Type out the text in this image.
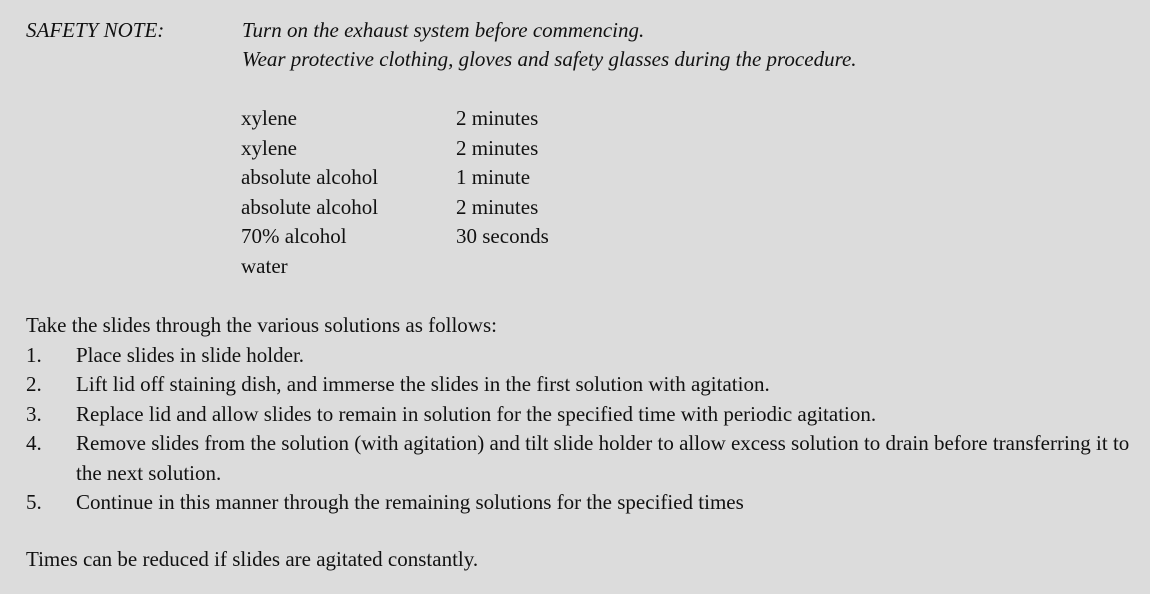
SAFETY NOTE:	Turn on the exhaust system before commencing.
Wear protective clothing, gloves and safety glasses during the procedure.
xylene	2 minutes
xylene	2 minutes
absolute alcohol	1 minute
absolute alcohol	2 minutes
70% alcohol	30 seconds
water
Take the slides through the various solutions as follows:
1. Place slides in slide holder.
2. Lift lid off staining dish, and immerse the slides in the first solution with agitation.
3. Replace lid and allow slides to remain in solution for the specified time with periodic agitation.
4. Remove slides from the solution (with agitation) and tilt slide holder to allow excess solution to drain before transferring it to the next solution.
5. Continue in this manner through the remaining solutions for the specified times
Times can be reduced if slides are agitated constantly.
